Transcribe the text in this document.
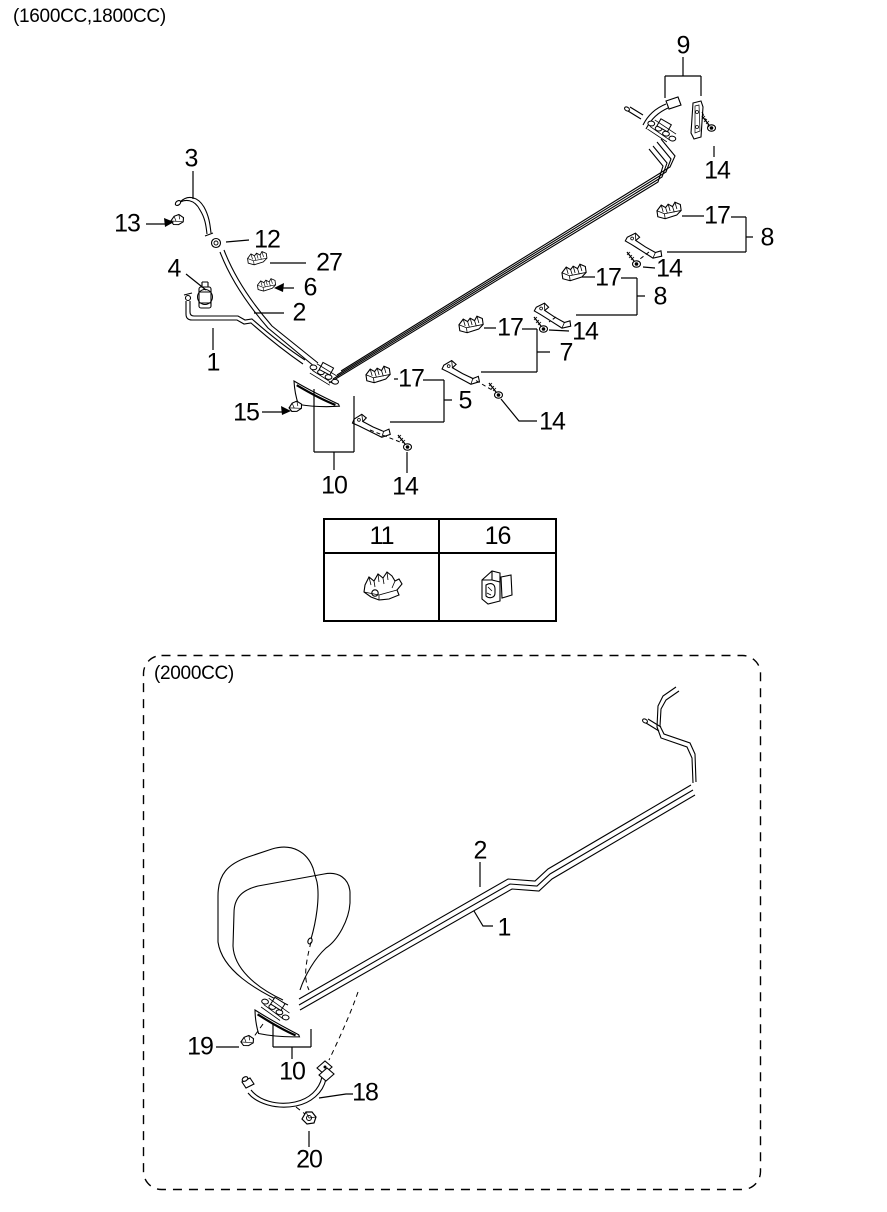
(1600CC,1800CC)
(2000CC)
9
14
3
13
12
27
4
6
2
1
17
8
14
17
8
14
17
7
14
17
5
15
10 14
2
1
19
10
18
20
11	16
